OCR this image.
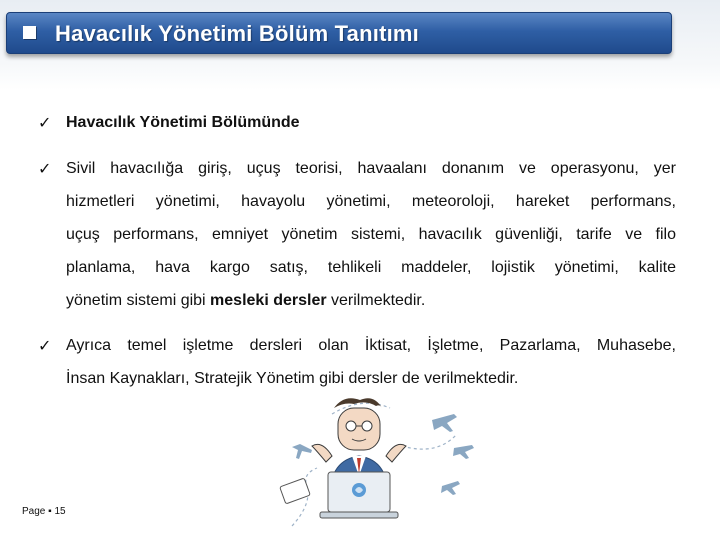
Havacılık Yönetimi Bölüm Tanıtımı
✓ Havacılık Yönetimi Bölümünde
✓ Sivil havacılığa giriş, uçuş teorisi, havaalanı donanım ve operasyonu, yer
hizmetleri yönetimi, havayolu yönetimi, meteoroloji, hareket performans,
uçuş performans, emniyet yönetim sistemi, havacılık güvenliği, tarife ve filo
planlama, hava kargo satış, tehlikeli maddeler, lojistik yönetimi, kalite
yönetim sistemi gibi mesleki dersler verilmektedir.
✓ Ayrıca temel işletme dersleri olan İktisat, İşletme, Pazarlama, Muhasebe,
İnsan Kaynakları, Stratejik Yönetim gibi dersler de verilmektedir.
Page ▪ 15
